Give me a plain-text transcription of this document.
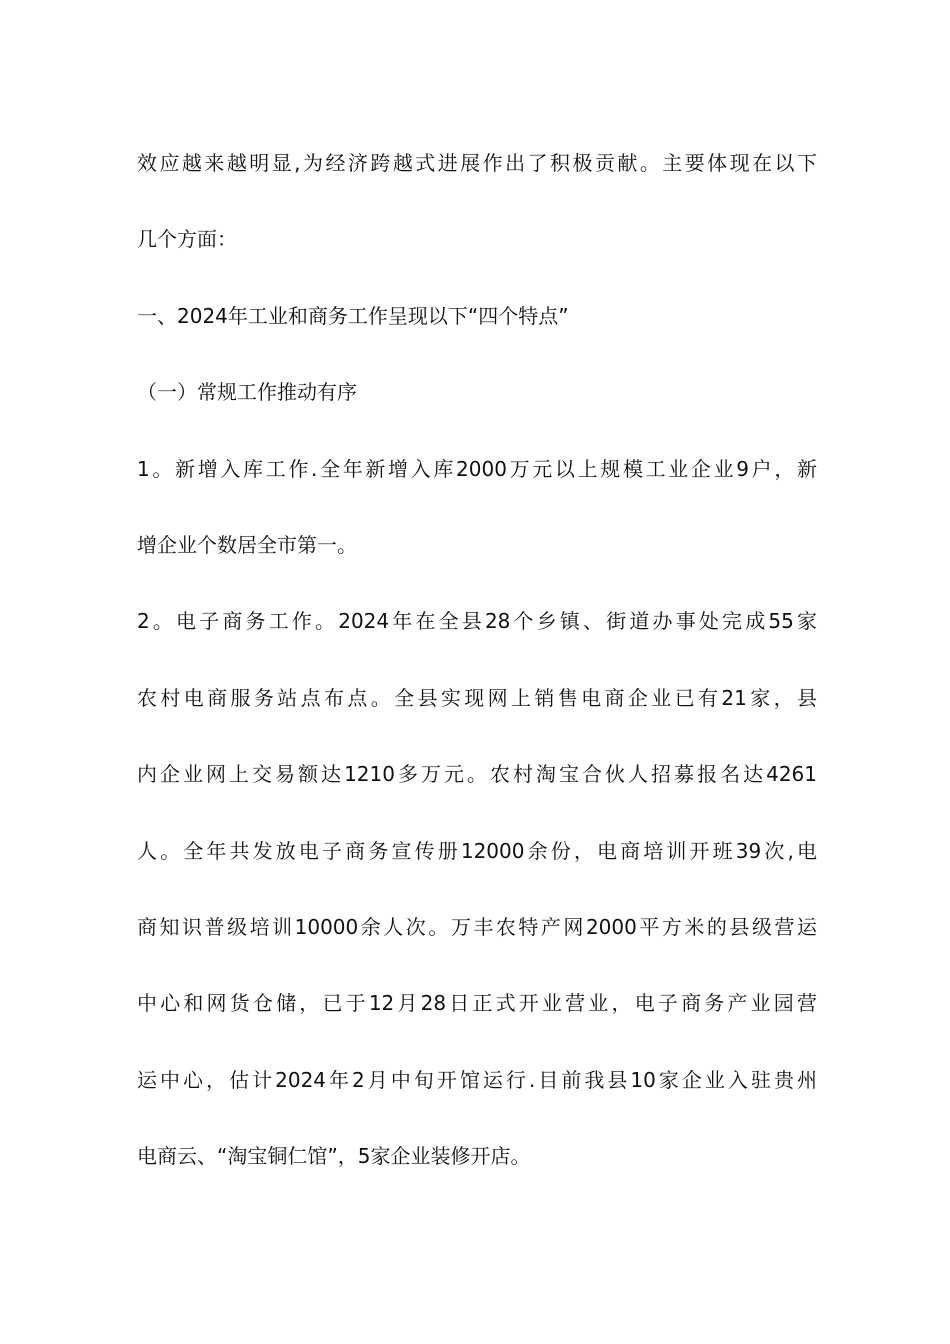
效应越来越明显,为经济跨越式进展作出了积极贡献。主要体现在以下
几个方面：
一、2024年工业和商务工作呈现以下“四个特点”
（一）常规工作推动有序
1。新增入库工作.全年新增入库2000万元以上规模工业企业9户，新
增企业个数居全市第一。
2。电子商务工作。2024年在全县28个乡镇、街道办事处完成55家
农村电商服务站点布点。全县实现网上销售电商企业已有21家，县
内企业网上交易额达1210多万元。农村淘宝合伙人招募报名达4261
人。全年共发放电子商务宣传册12000余份，电商培训开班39次,电
商知识普级培训10000余人次。万丰农特产网2000平方米的县级营运
中心和网货仓储，已于12月28日正式开业营业，电子商务产业园营
运中心，估计2024年2月中旬开馆运行.目前我县10家企业入驻贵州
电商云、“淘宝铜仁馆”，5家企业装修开店。
